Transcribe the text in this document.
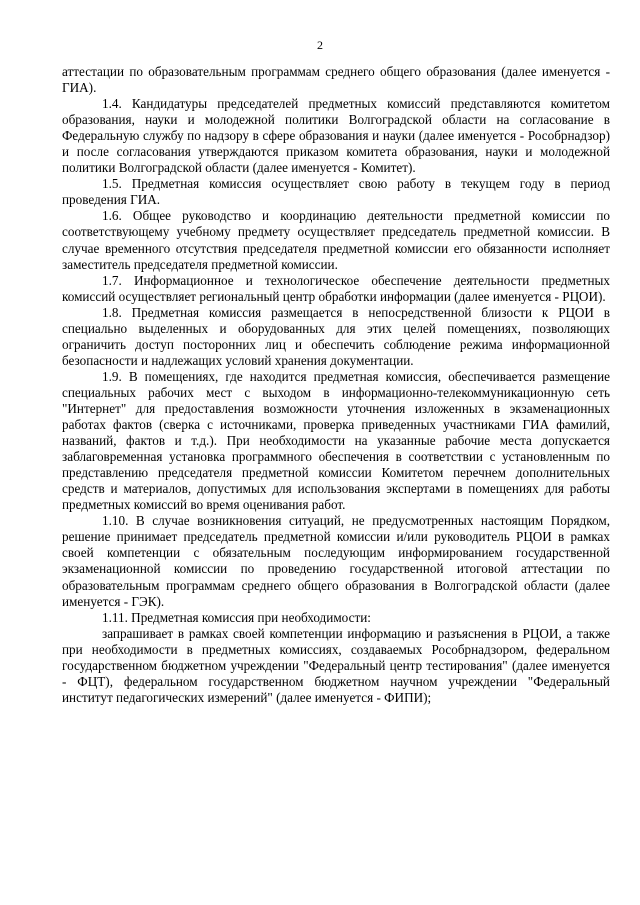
2

аттестации по образовательным программам среднего общего образования (далее именуется - ГИА).

1.4. Кандидатуры председателей предметных комиссий представляются комитетом образования, науки и молодежной политики Волгоградской области на согласование в Федеральную службу по надзору в сфере образования и науки (далее именуется - Рособрнадзор) и после согласования утверждаются приказом комитета образования, науки и молодежной политики Волгоградской области (далее именуется - Комитет).

1.5. Предметная комиссия осуществляет свою работу в текущем году в период проведения ГИА.

1.6. Общее руководство и координацию деятельности предметной комиссии по соответствующему учебному предмету осуществляет председатель предметной комиссии. В случае временного отсутствия председателя предметной комиссии его обязанности исполняет заместитель председателя предметной комиссии.

1.7. Информационное и технологическое обеспечение деятельности предметных комиссий осуществляет региональный центр обработки информации (далее именуется - РЦОИ).

1.8. Предметная комиссия размещается в непосредственной близости к РЦОИ в специально выделенных и оборудованных для этих целей помещениях, позволяющих ограничить доступ посторонних лиц и обеспечить соблюдение режима информационной безопасности и надлежащих условий хранения документации.

1.9. В помещениях, где находится предметная комиссия, обеспечивается размещение специальных рабочих мест с выходом в информационно-телекоммуникационную сеть "Интернет" для предоставления возможности уточнения изложенных в экзаменационных работах фактов (сверка с источниками, проверка приведенных участниками ГИА фамилий, названий, фактов и т.д.). При необходимости на указанные рабочие места допускается заблаговременная установка программного обеспечения в соответствии с установленным по представлению председателя предметной комиссии Комитетом перечнем дополнительных средств и материалов, допустимых для использования экспертами в помещениях для работы предметных комиссий во время оценивания работ.

1.10. В случае возникновения ситуаций, не предусмотренных настоящим Порядком, решение принимает председатель предметной комиссии и/или руководитель РЦОИ в рамках своей компетенции с обязательным последующим информированием государственной экзаменационной комиссии по проведению государственной итоговой аттестации по образовательным программам среднего общего образования в Волгоградской области (далее именуется - ГЭК).

1.11. Предметная комиссия при необходимости:

запрашивает в рамках своей компетенции информацию и разъяснения в РЦОИ, а также при необходимости в предметных комиссиях, создаваемых Рособрнадзором, федеральном государственном бюджетном учреждении "Федеральный центр тестирования" (далее именуется - ФЦТ), федеральном государственном бюджетном научном учреждении "Федеральный институт педагогических измерений" (далее именуется - ФИПИ);
